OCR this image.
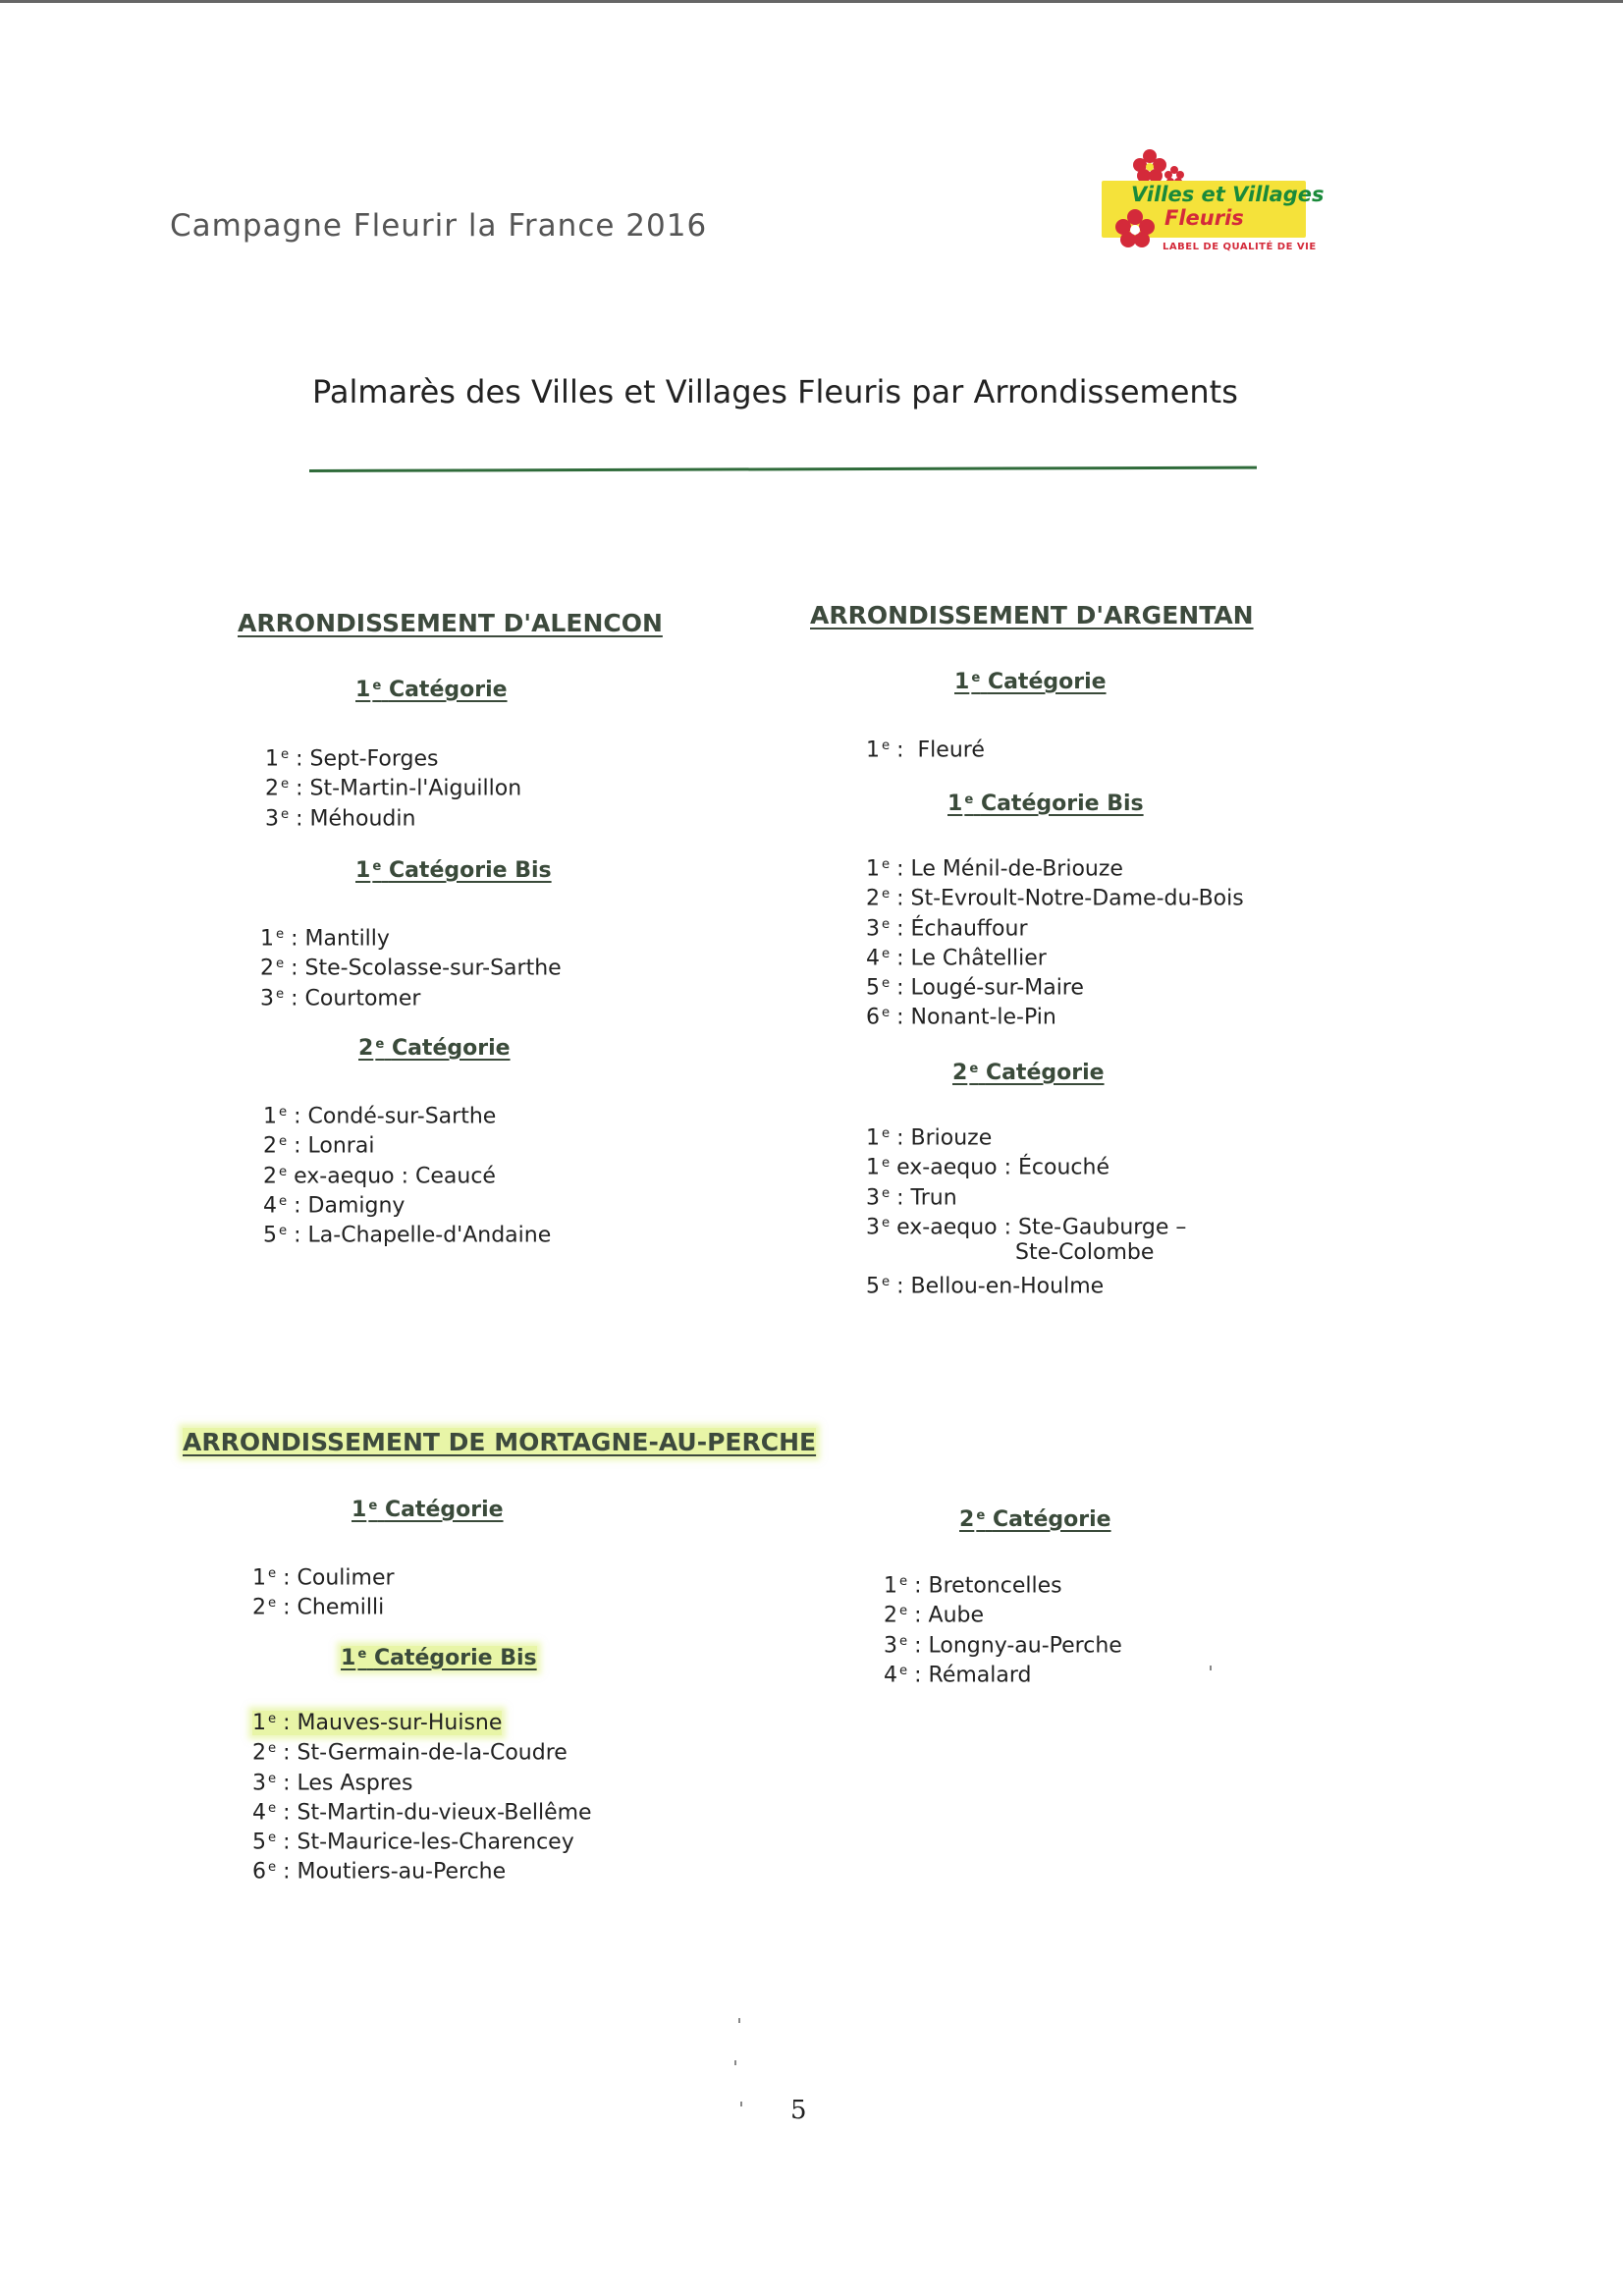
Campagne Fleurir la France 2016
Villes et Villages
Fleuris
LABEL DE QUALITÉ DE VIE
Palmarès des Villes et Villages Fleuris par Arrondissements
ARRONDISSEMENT D'ALENCON
1 $^e$ Catégorie
1 $^e$ : Sept-Forges
2 $^e$ : St-Martin-l'Aiguillon
3 $^e$ : Méhoudin
1 $^e$ Catégorie Bis
1 $^e$ : Mantilly
2 $^e$ : Ste-Scolasse-sur-Sarthe
3 $^e$ : Courtomer
2 $^e$ Catégorie
1 $^e$ : Condé-sur-Sarthe
2 $^e$ : Lonrai
2 $^e$ ex-aequo : Ceaucé
4 $^e$ : Damigny
5 $^e$ : La-Chapelle-d'Andaine
ARRONDISSEMENT D'ARGENTAN
1 $^e$ Catégorie
1 $^e$ :  Fleuré
1 $^e$ Catégorie Bis
1 $^e$ : Le Ménil-de-Briouze
2 $^e$ : St-Evroult-Notre-Dame-du-Bois
3 $^e$ : Échauffour
4 $^e$ : Le Châtellier
5 $^e$ : Lougé-sur-Maire
6 $^e$ : Nonant-le-Pin
2 $^e$ Catégorie
1 $^e$ : Briouze
1 $^e$ ex-aequo : Écouché
3 $^e$ : Trun
3 $^e$ ex-aequo : Ste-Gauburge –
Ste-Colombe
5 $^e$ : Bellou-en-Houlme
ARRONDISSEMENT DE MORTAGNE-AU-PERCHE
1 $^e$ Catégorie
1 $^e$ : Coulimer
2 $^e$ : Chemilli
1 $^e$ Catégorie Bis
1 $^e$ : Mauves-sur-Huisne
2 $^e$ : St-Germain-de-la-Coudre
3 $^e$ : Les Aspres
4 $^e$ : St-Martin-du-vieux-Bellême
5 $^e$ : St-Maurice-les-Charencey
6 $^e$ : Moutiers-au-Perche
2 $^e$ Catégorie
1 $^e$ : Bretoncelles
2 $^e$ : Aube
3 $^e$ : Longny-au-Perche
4 $^e$ : Rémalard
5
